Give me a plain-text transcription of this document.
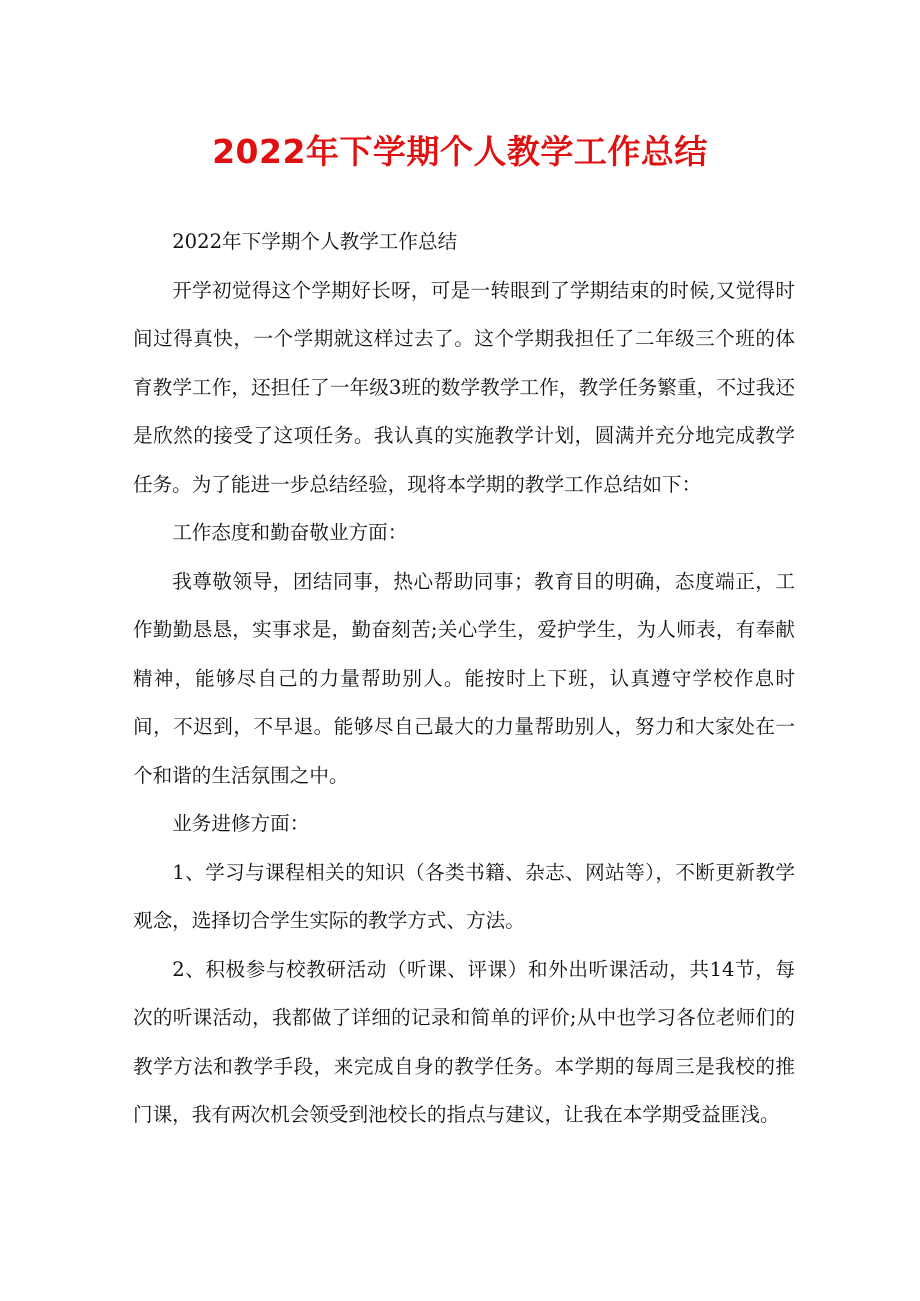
2022年下学期个人教学工作总结

2022年下学期个人教学工作总结

开学初觉得这个学期好长呀，可是一转眼到了学期结束的时候,又觉得时间过得真快，一个学期就这样过去了。这个学期我担任了二年级三个班的体育教学工作，还担任了一年级3班的数学教学工作，教学任务繁重，不过我还是欣然的接受了这项任务。我认真的实施教学计划，圆满并充分地完成教学任务。为了能进一步总结经验，现将本学期的教学工作总结如下：

工作态度和勤奋敬业方面：

我尊敬领导，团结同事，热心帮助同事；教育目的明确，态度端正，工作勤勤恳恳，实事求是，勤奋刻苦;关心学生，爱护学生，为人师表，有奉献精神，能够尽自己的力量帮助别人。能按时上下班，认真遵守学校作息时间，不迟到，不早退。能够尽自己最大的力量帮助别人，努力和大家处在一个和谐的生活氛围之中。

业务进修方面：

1、学习与课程相关的知识（各类书籍、杂志、网站等），不断更新教学观念，选择切合学生实际的教学方式、方法。

2、积极参与校教研活动（听课、评课）和外出听课活动，共14节，每次的听课活动，我都做了详细的记录和简单的评价;从中也学习各位老师们的教学方法和教学手段，来完成自身的教学任务。本学期的每周三是我校的推门课，我有两次机会领受到池校长的指点与建议，让我在本学期受益匪浅。
